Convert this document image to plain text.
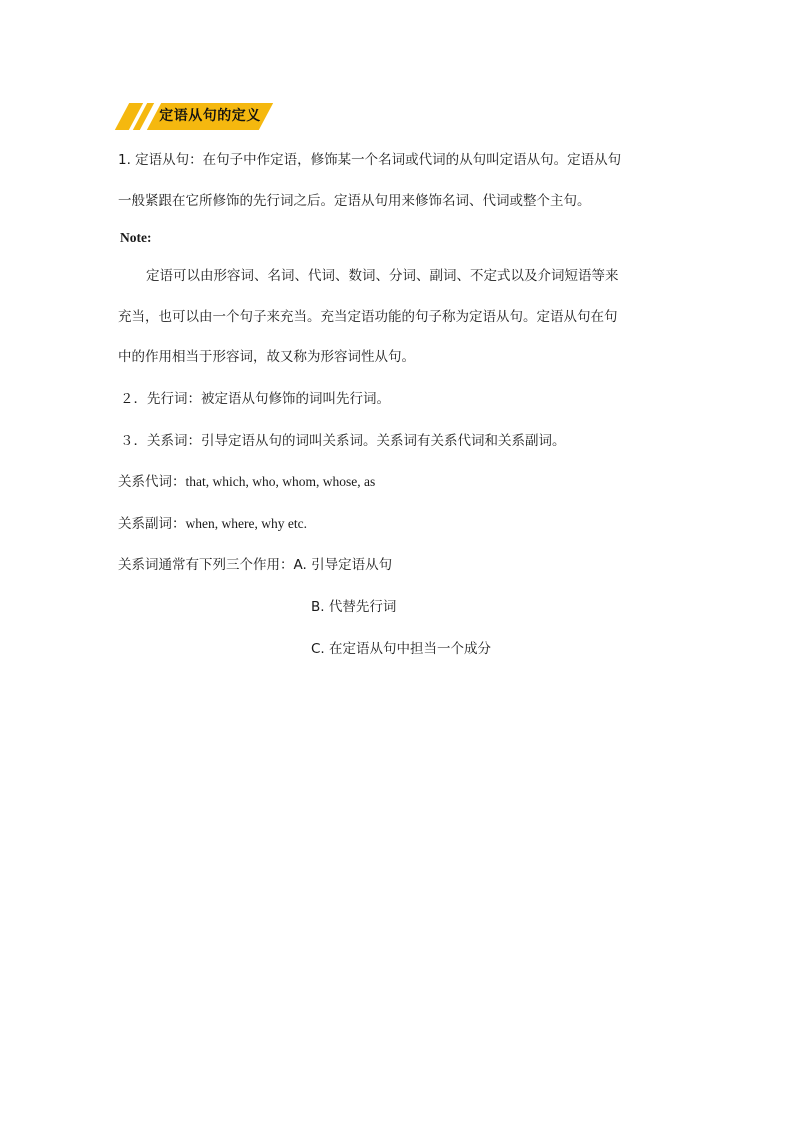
定语从句的定义
1. 定语从句：在句子中作定语，修饰某一个名词或代词的从句叫定语从句。定语从句
一般紧跟在它所修饰的先行词之后。定语从句用来修饰名词、代词或整个主句。
Note:
定语可以由形容词、名词、代词、数词、分词、副词、不定式以及介词短语等来
充当，也可以由一个句子来充当。充当定语功能的句子称为定语从句。定语从句在句
中的作用相当于形容词，故又称为形容词性从句。
２．先行词：被定语从句修饰的词叫先行词。
３．关系词：引导定语从句的词叫关系词。关系词有关系代词和关系副词。
关系代词：that, which, who, whom, whose, as
关系副词：when, where, why etc.
关系词通常有下列三个作用：A. 引导定语从句
B. 代替先行词
C. 在定语从句中担当一个成分
